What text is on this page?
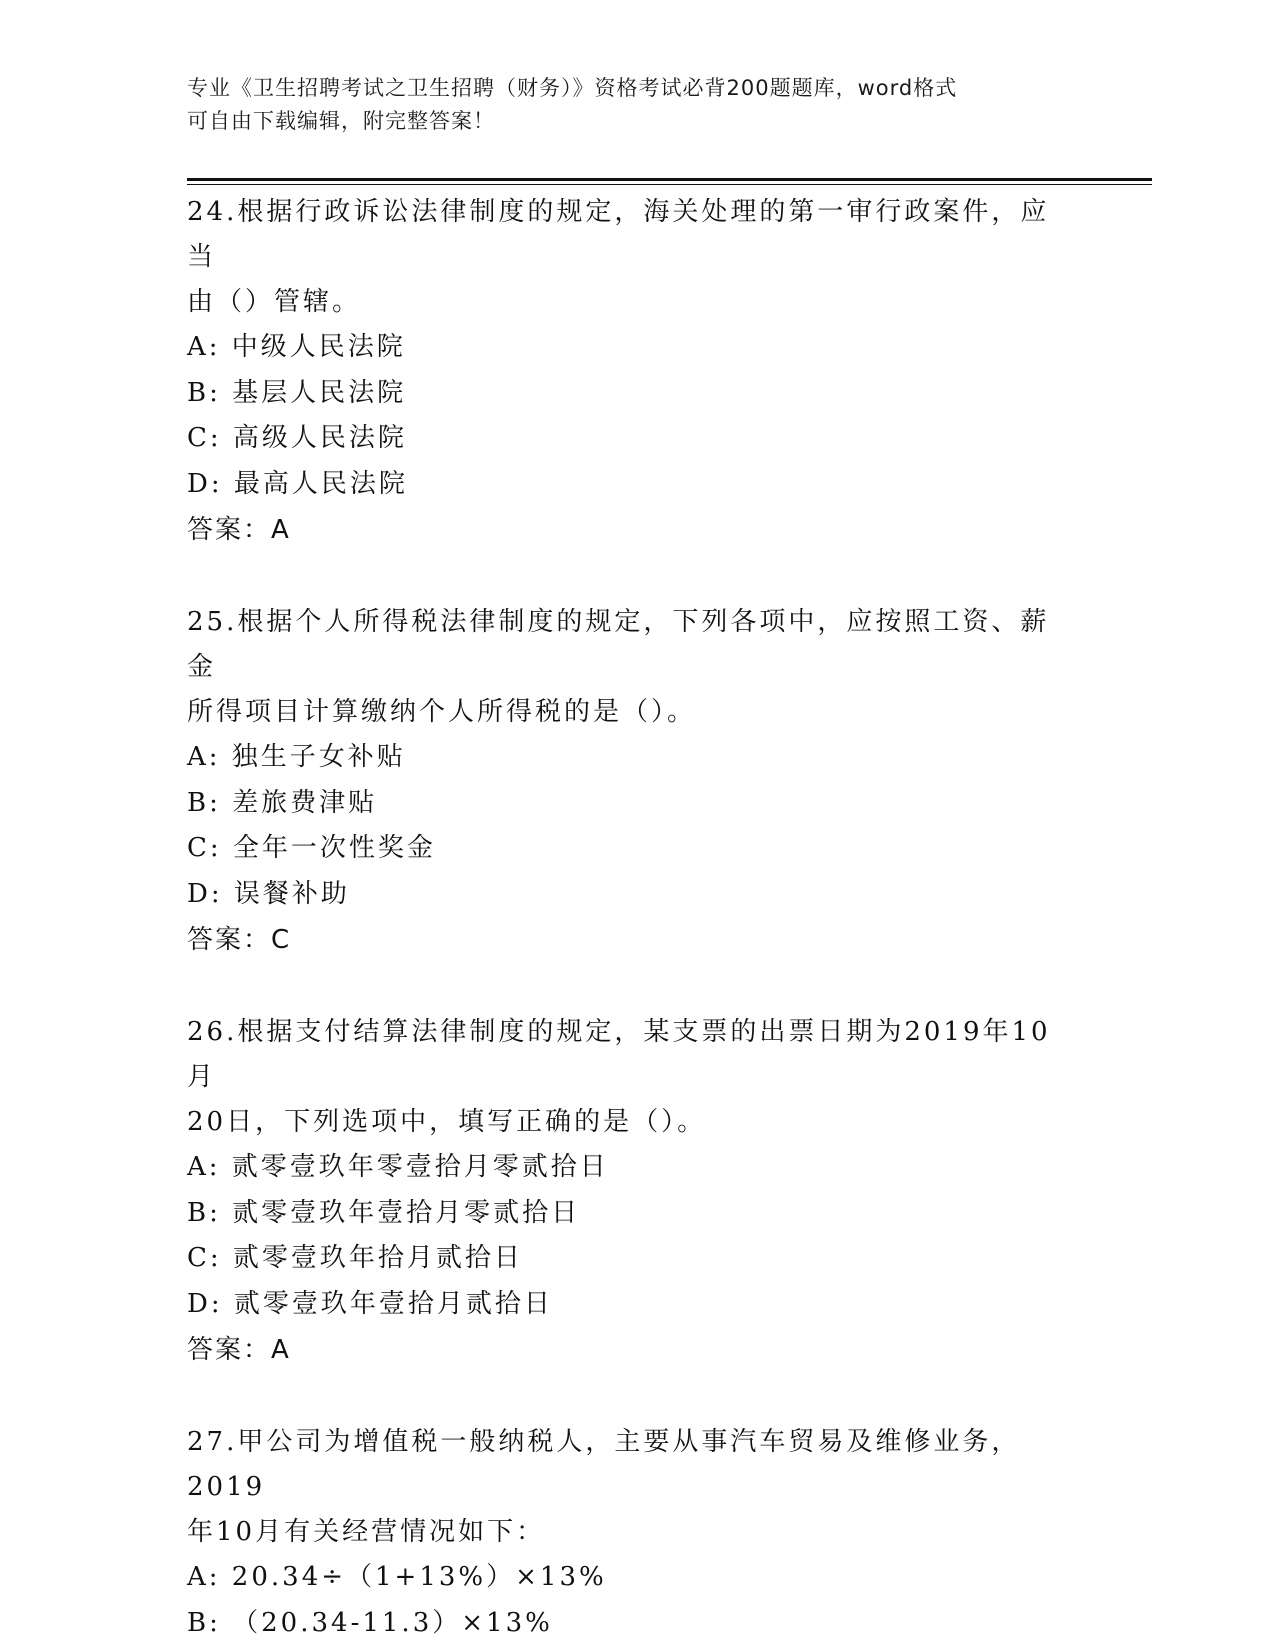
专业《卫生招聘考试之卫生招聘（财务）》资格考试必背200题题库，word格式
可自由下载编辑，附完整答案！

24.根据行政诉讼法律制度的规定，海关处理的第一审行政案件，应当
由（）管辖。

A: 中级人民法院

B: 基层人民法院

C: 高级人民法院

D: 最高人民法院

答案：A

25.根据个人所得税法律制度的规定，下列各项中，应按照工资、薪金
所得项目计算缴纳个人所得税的是（）。

A: 独生子女补贴

B: 差旅费津贴

C: 全年一次性奖金

D: 误餐补助

答案：C

26.根据支付结算法律制度的规定，某支票的出票日期为2019年10月
20日，下列选项中，填写正确的是（）。

A: 贰零壹玖年零壹拾月零贰拾日

B: 贰零壹玖年壹拾月零贰拾日

C: 贰零壹玖年拾月贰拾日

D: 贰零壹玖年壹拾月贰拾日

答案：A

27.甲公司为增值税一般纳税人，主要从事汽车贸易及维修业务，2019
年10月有关经营情况如下：

A: 20.34÷（1+13%）×13%

B: （20.34-11.3）×13%
